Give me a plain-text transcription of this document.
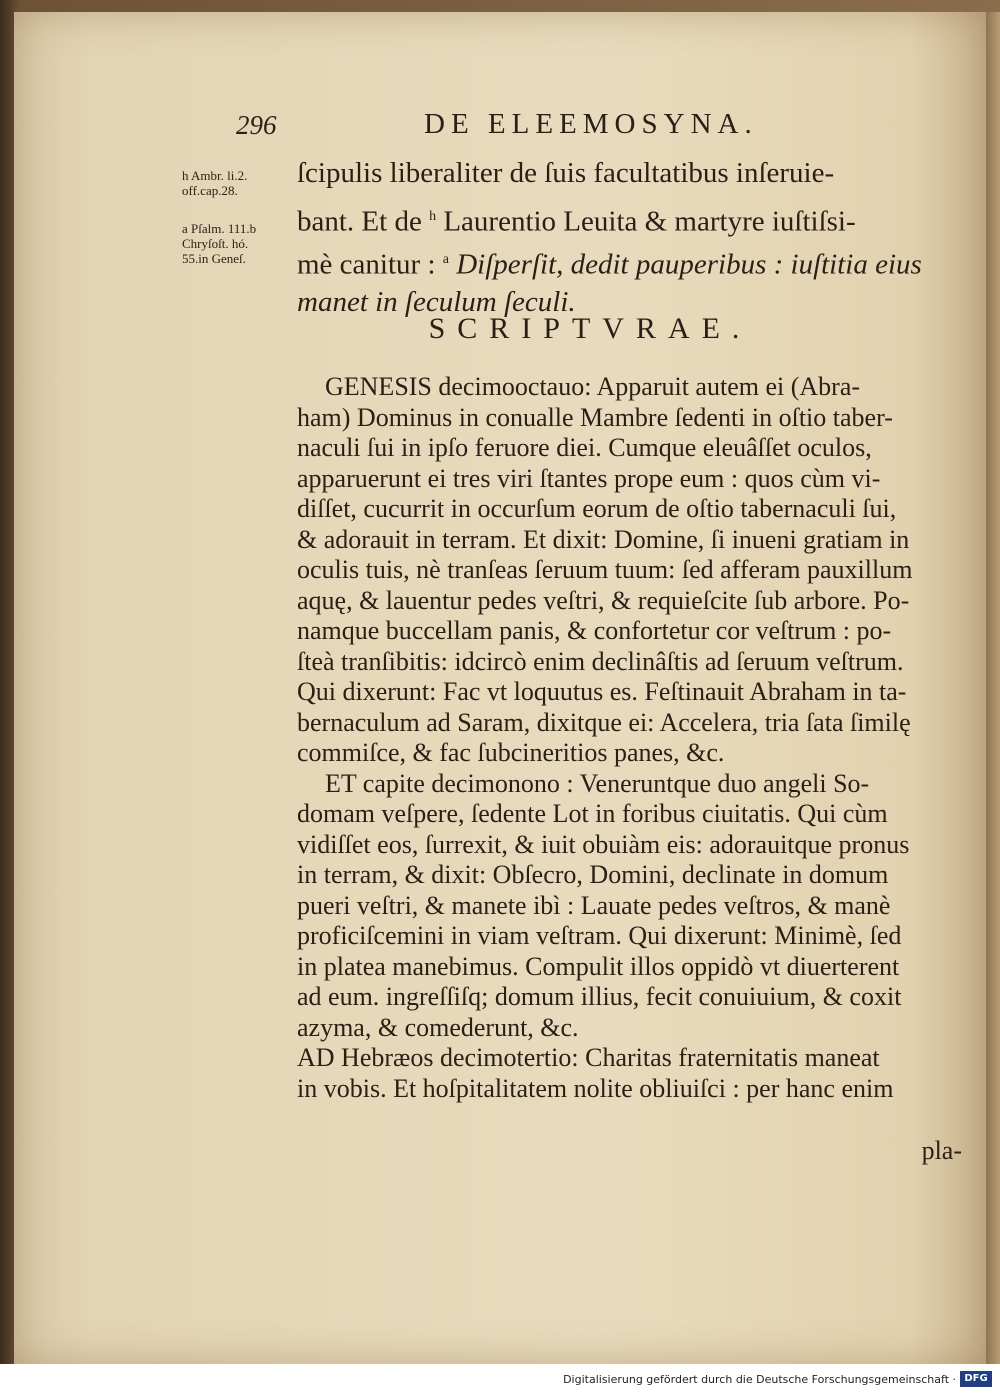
296	DE ELEEMOSYNA.
h Ambr. li.2.
off.cap.28.
a Pſalm. 111.b
Chryſoſt. hó.
55.in Geneſ.
ſcipulis liberaliter de ſuis facultatibus inſeruie-
bant. Et de $^h$ Laurentio Leuita & martyre iuſtiſsi-
mè canitur : $^a$ Diſperſit, dedit pauperibus : iuſtitia eius
manet in ſeculum ſeculi.
SCRIPTVRAE.
GENESIS decimooctauo: Apparuit autem ei (Abra-
ham) Dominus in conualle Mambre ſedenti in oſtio taber-
naculi ſui in ipſo feruore diei. Cumque eleuâſſet oculos,
apparuerunt ei tres viri ſtantes prope eum : quos cùm vi-
diſſet, cucurrit in occurſum eorum de oſtio tabernaculi ſui,
& adorauit in terram. Et dixit: Domine, ſi inueni gratiam in
oculis tuis, nè tranſeas ſeruum tuum: ſed afferam pauxillum
aquę, & lauentur pedes veſtri, & requieſcite ſub arbore. Po-
namque buccellam panis, & confortetur cor veſtrum : po-
ſteà tranſibitis: idcircò enim declinâſtis ad ſeruum veſtrum.
Qui dixerunt: Fac vt loquutus es. Feſtinauit Abraham in ta-
bernaculum ad Saram, dixitque ei: Accelera, tria ſata ſimilę
commiſce, & fac ſubcineritios panes, &c.
ET capite decimonono : Veneruntque duo angeli So-
domam veſpere, ſedente Lot in foribus ciuitatis. Qui cùm
vidiſſet eos, ſurrexit, & iuit obuiàm eis: adorauitque pronus
in terram, & dixit: Obſecro, Domini, declinate in domum
pueri veſtri, & manete ibì : Lauate pedes veſtros, & manè
proficiſcemini in viam veſtram. Qui dixerunt: Minimè, ſed
in platea manebimus. Compulit illos oppidò vt diuerterent
ad eum. ingreſſiſq; domum illius, fecit conuiuium, & coxit
azyma, & comederunt, &c.
AD Hebræos decimotertio: Charitas fraternitatis maneat
in vobis. Et hoſpitalitatem nolite obliuiſci : per hanc enim
pla-
Digitalisierung gefördert durch die Deutsche Forschungsgemeinschaft · DFG
